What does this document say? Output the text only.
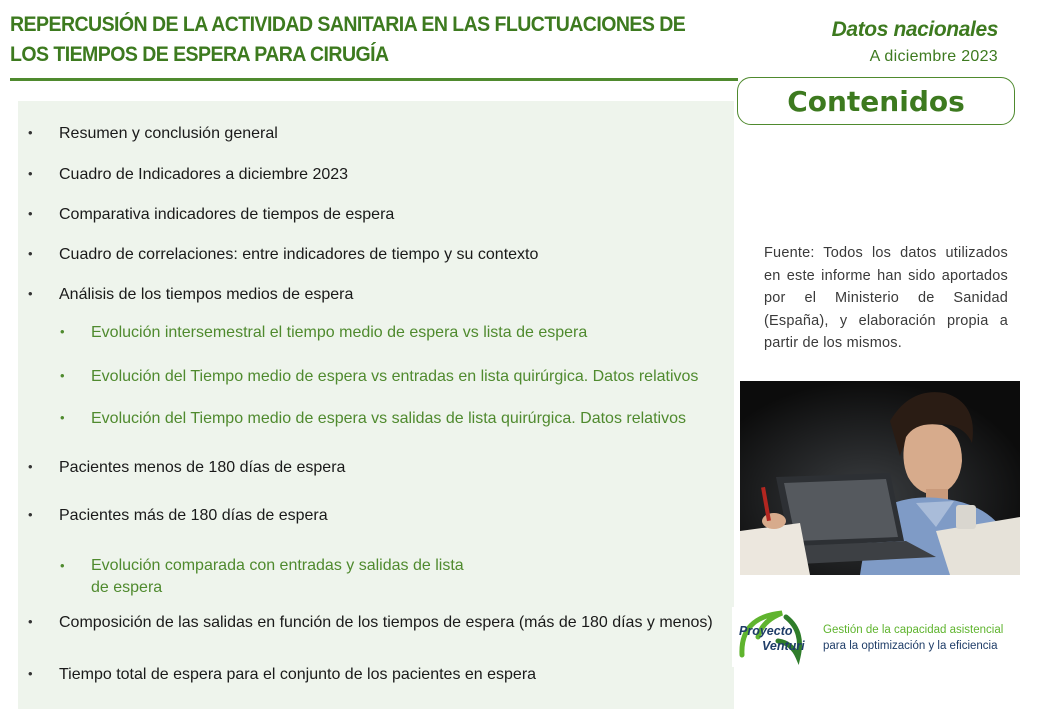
REPERCUSIÓN DE LA ACTIVIDAD SANITARIA EN LAS FLUCTUACIONES DE
LOS TIEMPOS DE ESPERA PARA CIRUGÍA
Datos nacionales
A diciembre 2023
Contenidos
•	Resumen y conclusión general
•	Cuadro de Indicadores a diciembre 2023
•	Comparativa indicadores de tiempos de espera
•	Cuadro de correlaciones: entre indicadores de tiempo y su contexto
•	Análisis de los tiempos medios de espera
•	Evolución intersemestral el tiempo medio de espera vs lista de espera
•	Evolución del Tiempo medio de espera vs entradas en lista quirúrgica. Datos relativos
•	Evolución del Tiempo medio de espera vs salidas de lista quirúrgica. Datos relativos
•	Pacientes menos de 180 días de espera
•	Pacientes más de 180 días de espera
•	Evolución comparada con entradas y salidas de lista
de espera
•	Composición de las salidas en función de los tiempos de espera (más de 180 días y menos)
•	Tiempo total de espera para el conjunto de los pacientes en espera
Fuente: Todos los datos utilizados en este informe han sido aportados por el Ministerio de Sanidad (España), y elaboración propia a partir de los mismos.
Proyecto
Venturi
Gestión de la capacidad asistencial
para la optimización y la eficiencia
